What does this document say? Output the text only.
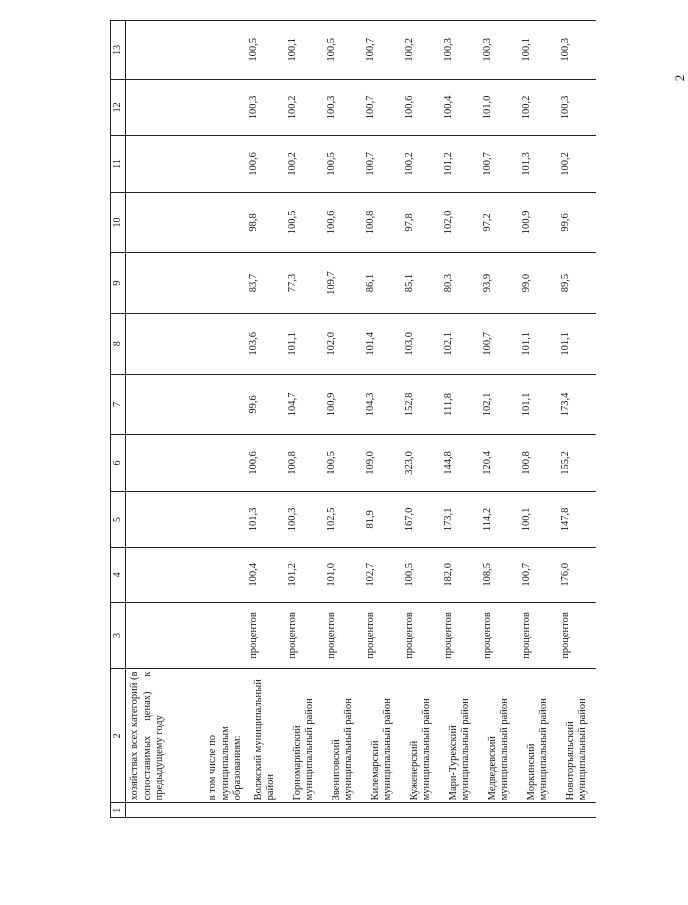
2
1	2	3	4	5	6	7	8	9	10	11	12	13

	хозяйствах всех категорий (в сопоставимых ценах) к предыдущему году											

	в том числе по муниципальным образованиям:											
	Волжский муниципальный район	процентов	100,4	101,3	100,6	99,6	103,6	83,7	98,8	100,6	100,3	100,5
	Горномарийский муниципальный район	процентов	101,2	100,3	100,8	104,7	101,1	77,3	100,5	100,2	100,2	100,1
	Звениговский муниципальный район	процентов	101,0	102,5	100,5	100,9	102,0	109,7	100,6	100,5	100,3	100,5
	Килемарский муниципальный район	процентов	102,7	81,9	109,0	104,3	101,4	86,1	100,8	100,7	100,7	100,7
	Куженерский муниципальный район	процентов	100,5	167,0	323,0	152,8	103,0	85,1	97,8	100,2	100,6	100,2
	Мари-Турекский муниципальный район	процентов	182,0	173,1	144,8	111,8	102,1	80,3	102,0	101,2	100,4	100,3
	Медведевский муниципальный район	процентов	108,5	114,2	120,4	102,1	100,7	93,9	97,2	100,7	101,0	100,3
	Моркинский муниципальный район	процентов	100,7	100,1	100,8	101,1	101,1	99,0	100,9	101,3	100,2	100,1
	Новоторъяльский муниципальный район	процентов	176,0	147,8	155,2	173,4	101,1	89,5	99,6	100,2	100,3	100,3
